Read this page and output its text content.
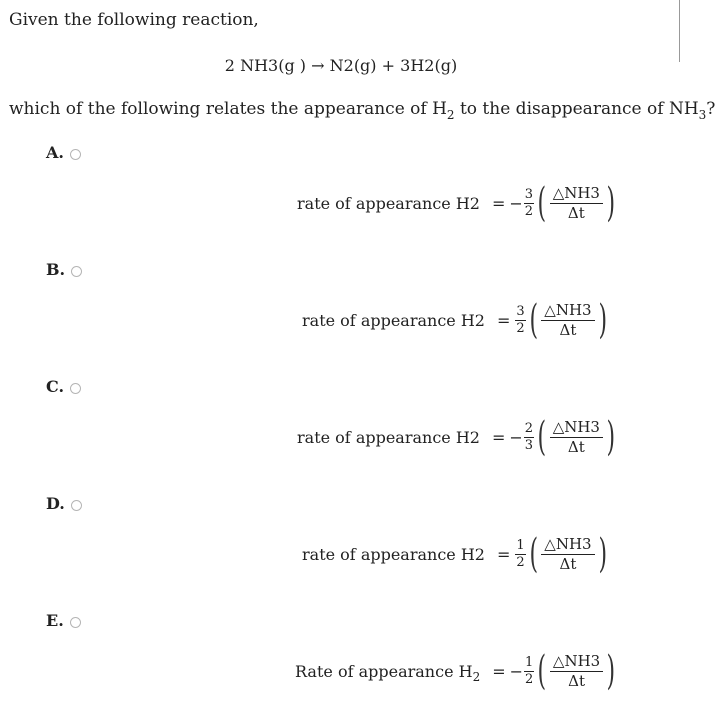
Given the following reaction,
2 NH3(g ) → N2(g) + 3H2(g)
which of the following relates the appearance of $H_2$ to the disappearance of $NH_3$?
A.
rate of appearance H2 = − $\frac{3}{2}$ ( $\frac{\triangle NH3}{\Delta t}$ )
B.
rate of appearance $H2 = \frac{3}{2}$ ( $\frac{\triangle NH3}{\Delta t}$ )
C.
rate of appearance H2 = − $\frac{2}{3}$ ( $\frac{\triangle NH3}{\Delta t}$ )
D.
rate of appearance $H2 = \frac{1}{2}$ ( $\frac{\triangle NH3}{\Delta t}$ )
E.
Rate of appearance $H_2$ = − $\frac{1}{2}$ ( $\frac{\triangle NH3}{\Delta t}$ )
